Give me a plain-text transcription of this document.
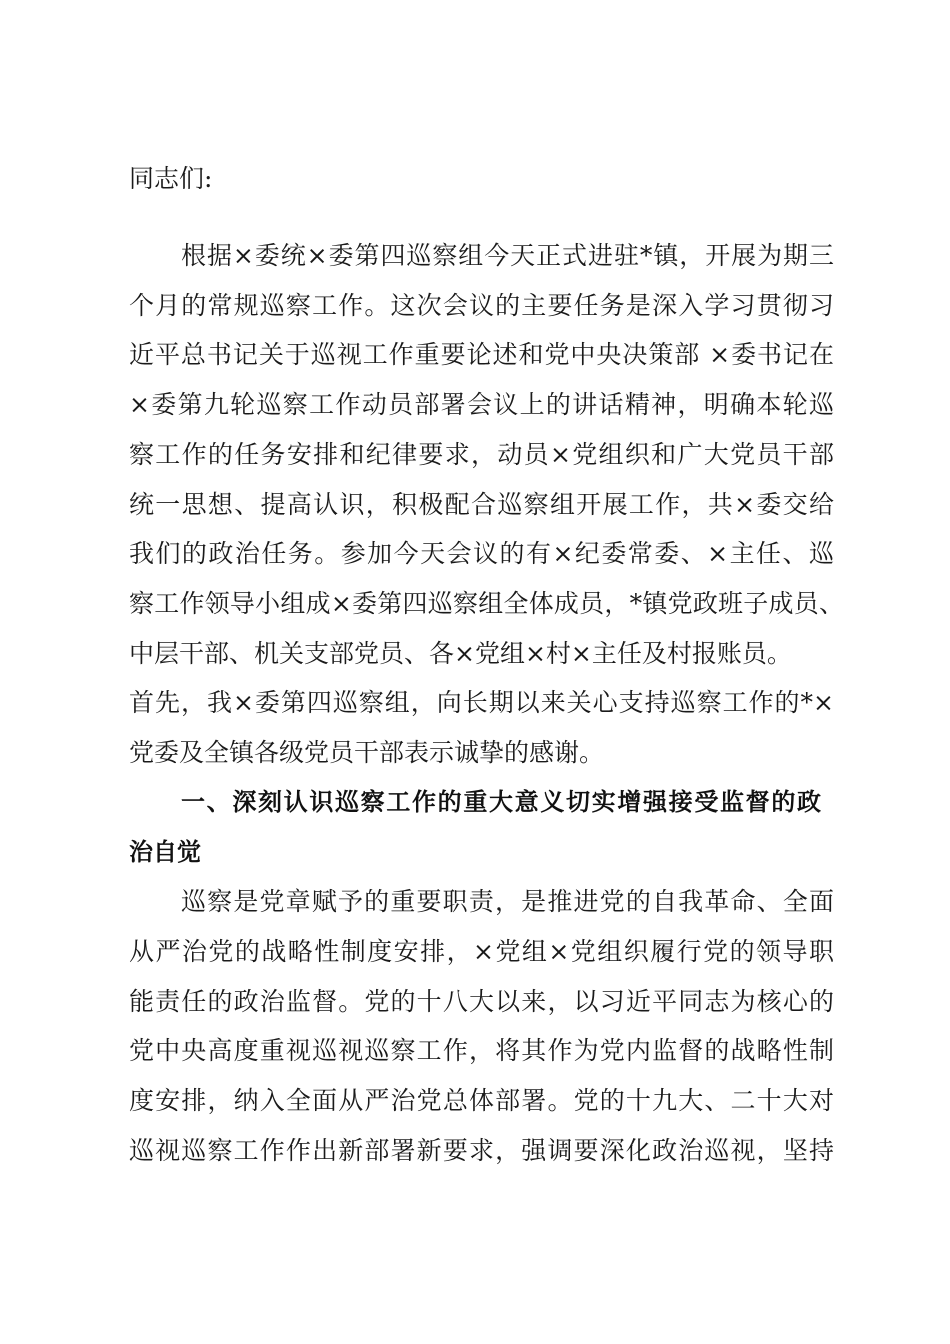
同志们:
根据×委统×委第四巡察组今天正式进驻*镇，开展为期三
个月的常规巡察工作。这次会议的主要任务是深入学习贯彻习
近平总书记关于巡视工作重要论述和党中央决策部 ×委书记在
×委第九轮巡察工作动员部署会议上的讲话精神，明确本轮巡
察工作的任务安排和纪律要求，动员×党组织和广大党员干部
统一思想、提高认识，积极配合巡察组开展工作，共×委交给
我们的政治任务。参加今天会议的有×纪委常委、×主任、巡
察工作领导小组成×委第四巡察组全体成员，*镇党政班子成员、
中层干部、机关支部党员、各×党组×村×主任及村报账员。
首先，我×委第四巡察组，向长期以来关心支持巡察工作的*×
党委及全镇各级党员干部表示诚挚的感谢。
一、深刻认识巡察工作的重大意义切实增强接受监督的政
治自觉
巡察是党章赋予的重要职责，是推进党的自我革命、全面
从严治党的战略性制度安排，×党组×党组织履行党的领导职
能责任的政治监督。党的十八大以来，以习近平同志为核心的
党中央高度重视巡视巡察工作，将其作为党内监督的战略性制
度安排，纳入全面从严治党总体部署。党的十九大、二十大对
巡视巡察工作作出新部署新要求，强调要深化政治巡视，坚持
